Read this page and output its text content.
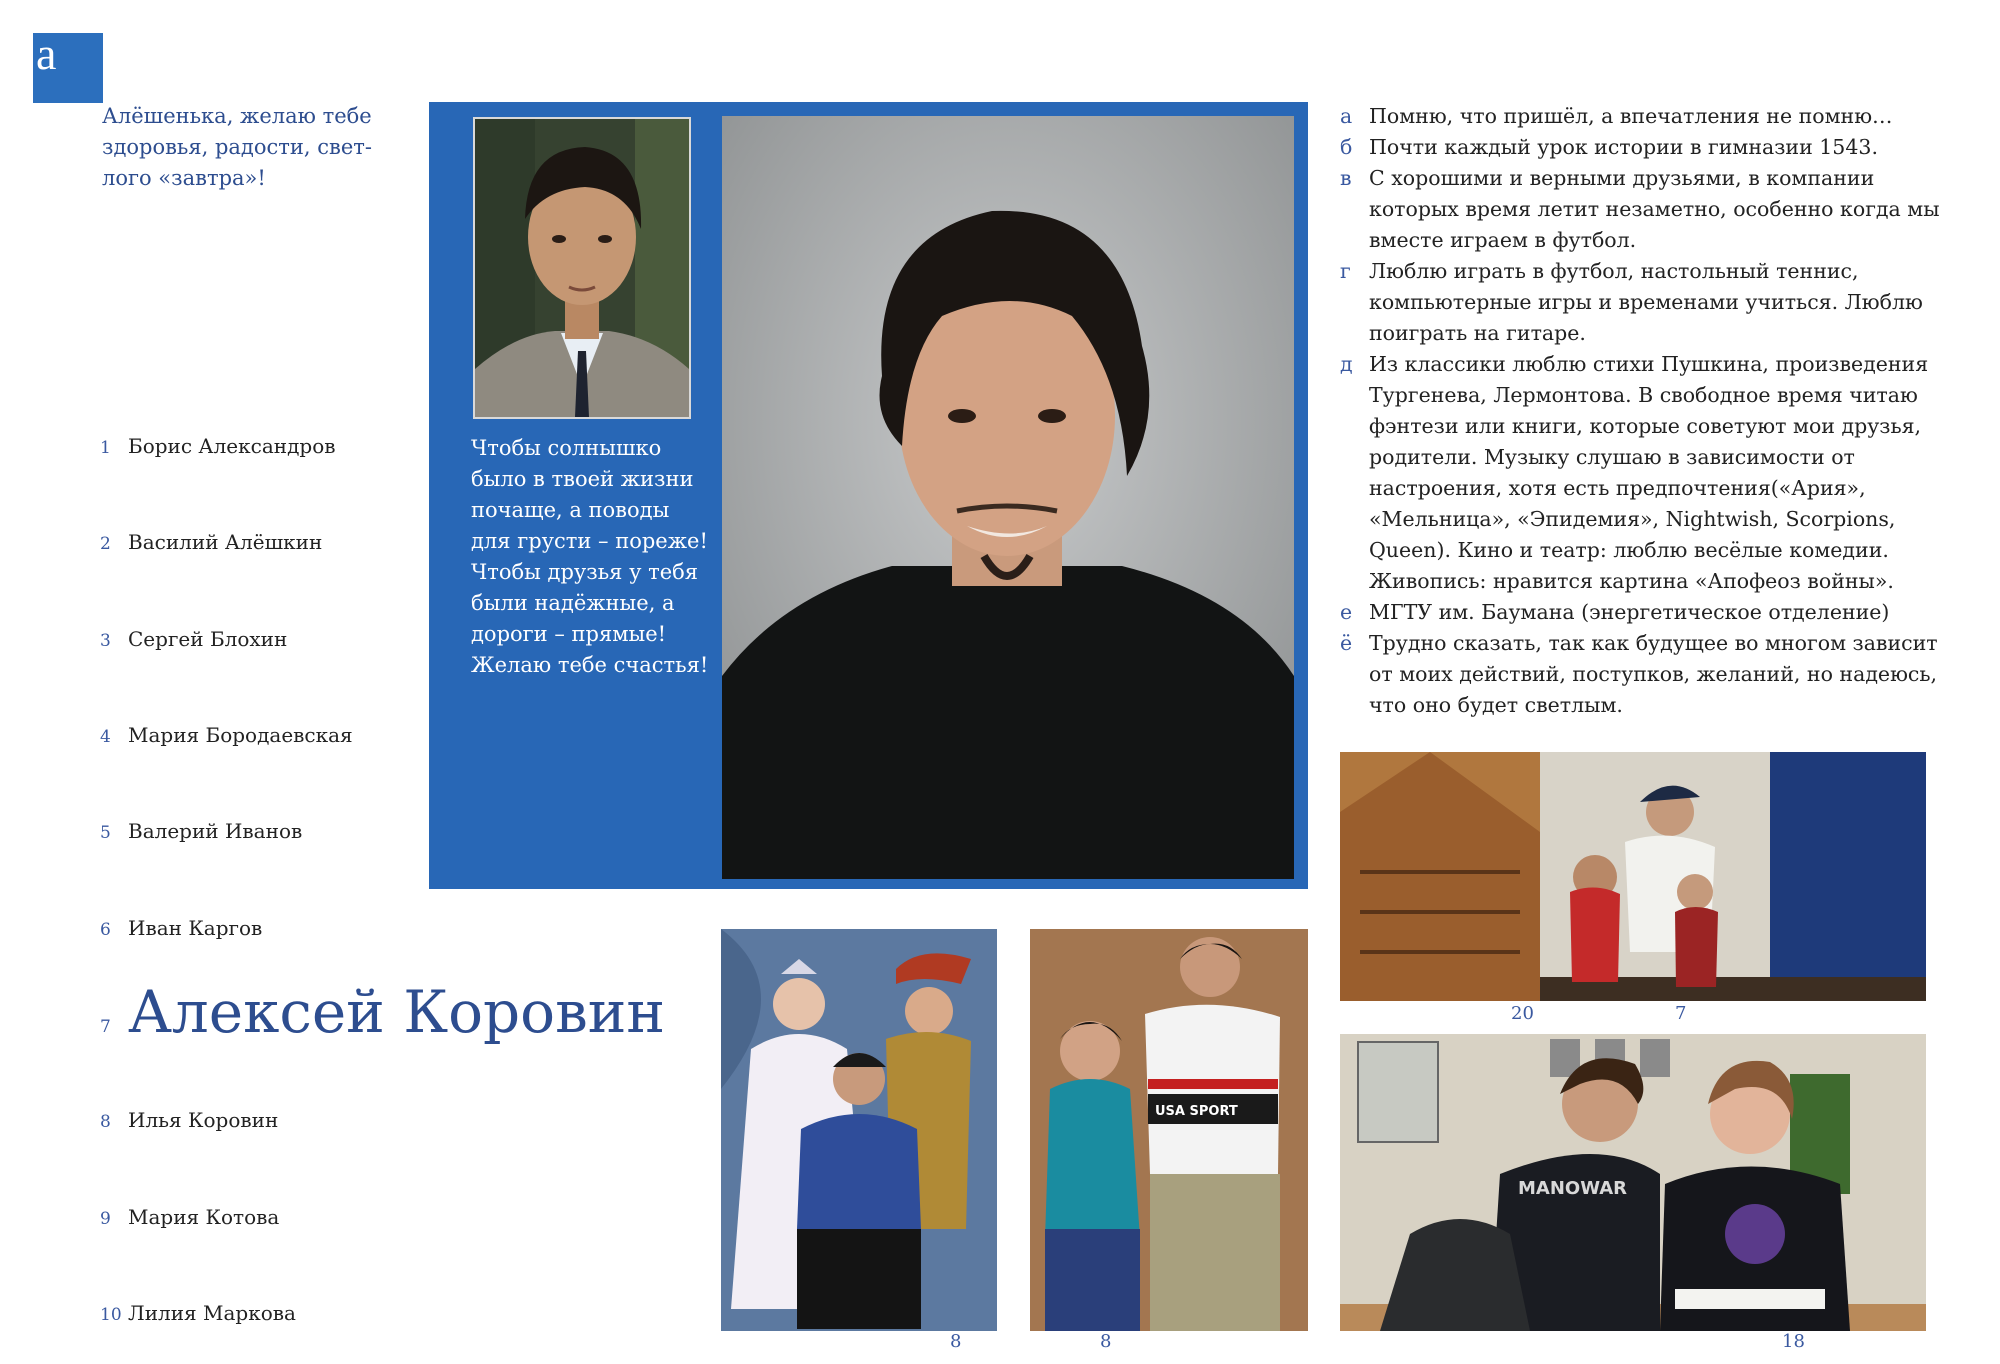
а
Алёшенька, желаю тебе здоровья, радости, свет-лого «завтра»!
1 Борис Александров
2 Василий Алёшкин
3 Сергей Блохин
4 Мария Бородаевская
5 Валерий Иванов
6 Иван Каргов
7 Алексей Коровин
8 Илья Коровин
9 Мария Котова
10 Лилия Маркова
Чтобы солнышко было в твоей жизни почаще, а поводы для грусти – пореже! Чтобы друзья у тебя были надёжные, а дороги – прямые! Желаю тебе счастья!
а Помню, что пришёл, а впечатления не помню…
б Почти каждый урок истории в гимназии 1543.
в С хорошими и верными друзьями, в компании которых время летит незаметно, особенно когда мы вместе играем в футбол.
г Люблю играть в футбол, настольный теннис, компьютерные игры и временами учиться. Люблю поиграть на гитаре.
д Из классики люблю стихи Пушкина, произведения Тургенева, Лермонтова. В свободное время читаю фэнтези или книги, которые советуют мои друзья, родители. Музыку слушаю в зависимости от настроения, хотя есть предпочтения(«Ария», «Мельница», «Эпидемия», Nightwish, Scorpions, Queen). Кино и театр: люблю весёлые комедии. Живопись: нравится картина «Апофеоз войны».
е МГТУ им. Баумана (энергетическое отделение)
ё Трудно сказать, так как будущее во многом зависит от моих действий, поступков, желаний, но надеюсь, что оно будет светлым.
20	7
MANOWAR
18
8
USA SPORT
8
